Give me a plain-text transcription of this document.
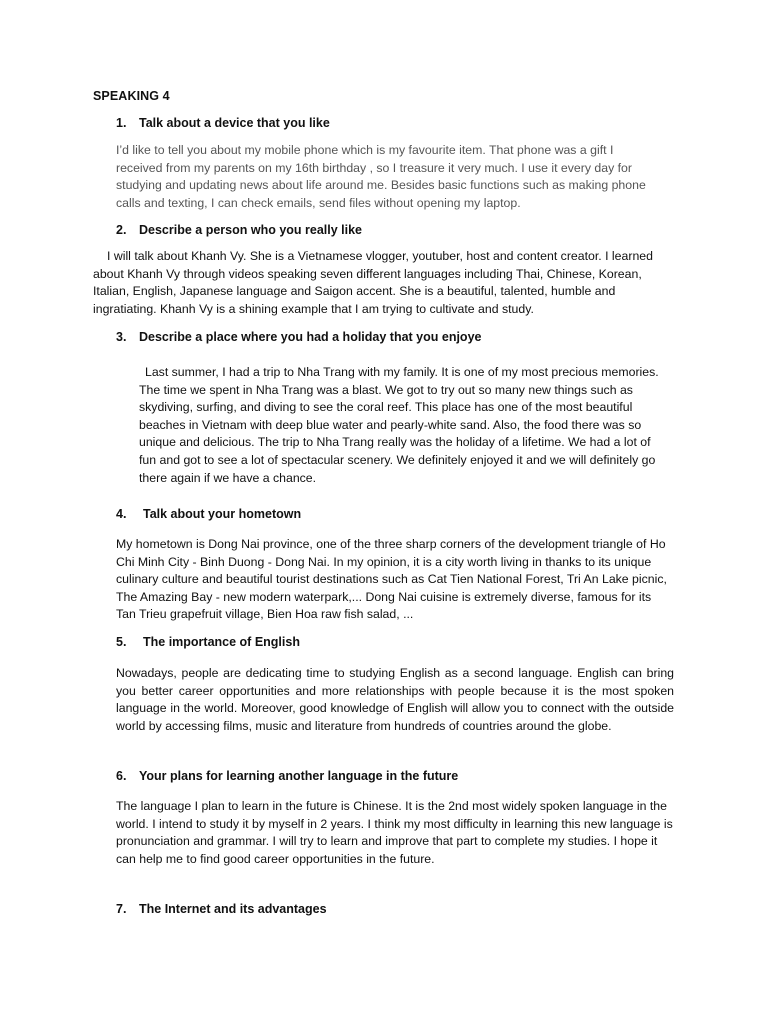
SPEAKING 4
1. Talk about a device that you like

I’d like to tell you about my mobile phone which is my favourite item. That phone was a gift I received from my parents on my 16th birthday , so I treasure it very much. I use it every day for studying and updating news about life around me. Besides basic functions such as making phone calls and texting, I can check emails, send files without opening my laptop.

2. Describe a person who you really like

I will talk about Khanh Vy. She is a Vietnamese vlogger, youtuber, host and content creator. I learned about Khanh Vy through videos speaking seven different languages including Thai, Chinese, Korean, Italian, English, Japanese language and Saigon accent. She is a beautiful, talented, humble and ingratiating. Khanh Vy is a shining example that I am trying to cultivate and study.

3. Describe a place where you had a holiday that you enjoye

Last summer, I had a trip to Nha Trang with my family. It is one of my most precious memories. The time we spent in Nha Trang was a blast. We got to try out so many new things such as skydiving, surfing, and diving to see the coral reef. This place has one of the most beautiful beaches in Vietnam with deep blue water and pearly-white sand. Also, the food there was so unique and delicious. The trip to Nha Trang really was the holiday of a lifetime. We had a lot of fun and got to see a lot of spectacular scenery. We definitely enjoyed it and we will definitely go there again if we have a chance.

4. Talk about your hometown

My hometown is Dong Nai province, one of the three sharp corners of the development triangle of Ho Chi Minh City - Binh Duong - Dong Nai. In my opinion, it is a city worth living in thanks to its unique culinary culture and beautiful tourist destinations such as Cat Tien National Forest, Tri An Lake picnic, The Amazing Bay - new modern waterpark,... Dong Nai cuisine is extremely diverse, famous for its Tan Trieu grapefruit village, Bien Hoa raw fish salad, ...

5. The importance of English

Nowadays, people are dedicating time to studying English as a second language. English can bring you better career opportunities and more relationships with people because it is the most spoken language in the world. Moreover, good knowledge of English will allow you to connect with the outside world by accessing films, music and literature from hundreds of countries around the globe.

6. Your plans for learning another language in the future

The language I plan to learn in the future is Chinese. It is the 2nd most widely spoken language in the world. I intend to study it by myself in 2 years. I think my most difficulty in learning this new language is pronunciation and grammar. I will try to learn and improve that part to complete my studies. I hope it can help me to find good career opportunities in the future.

7. The Internet and its advantages
